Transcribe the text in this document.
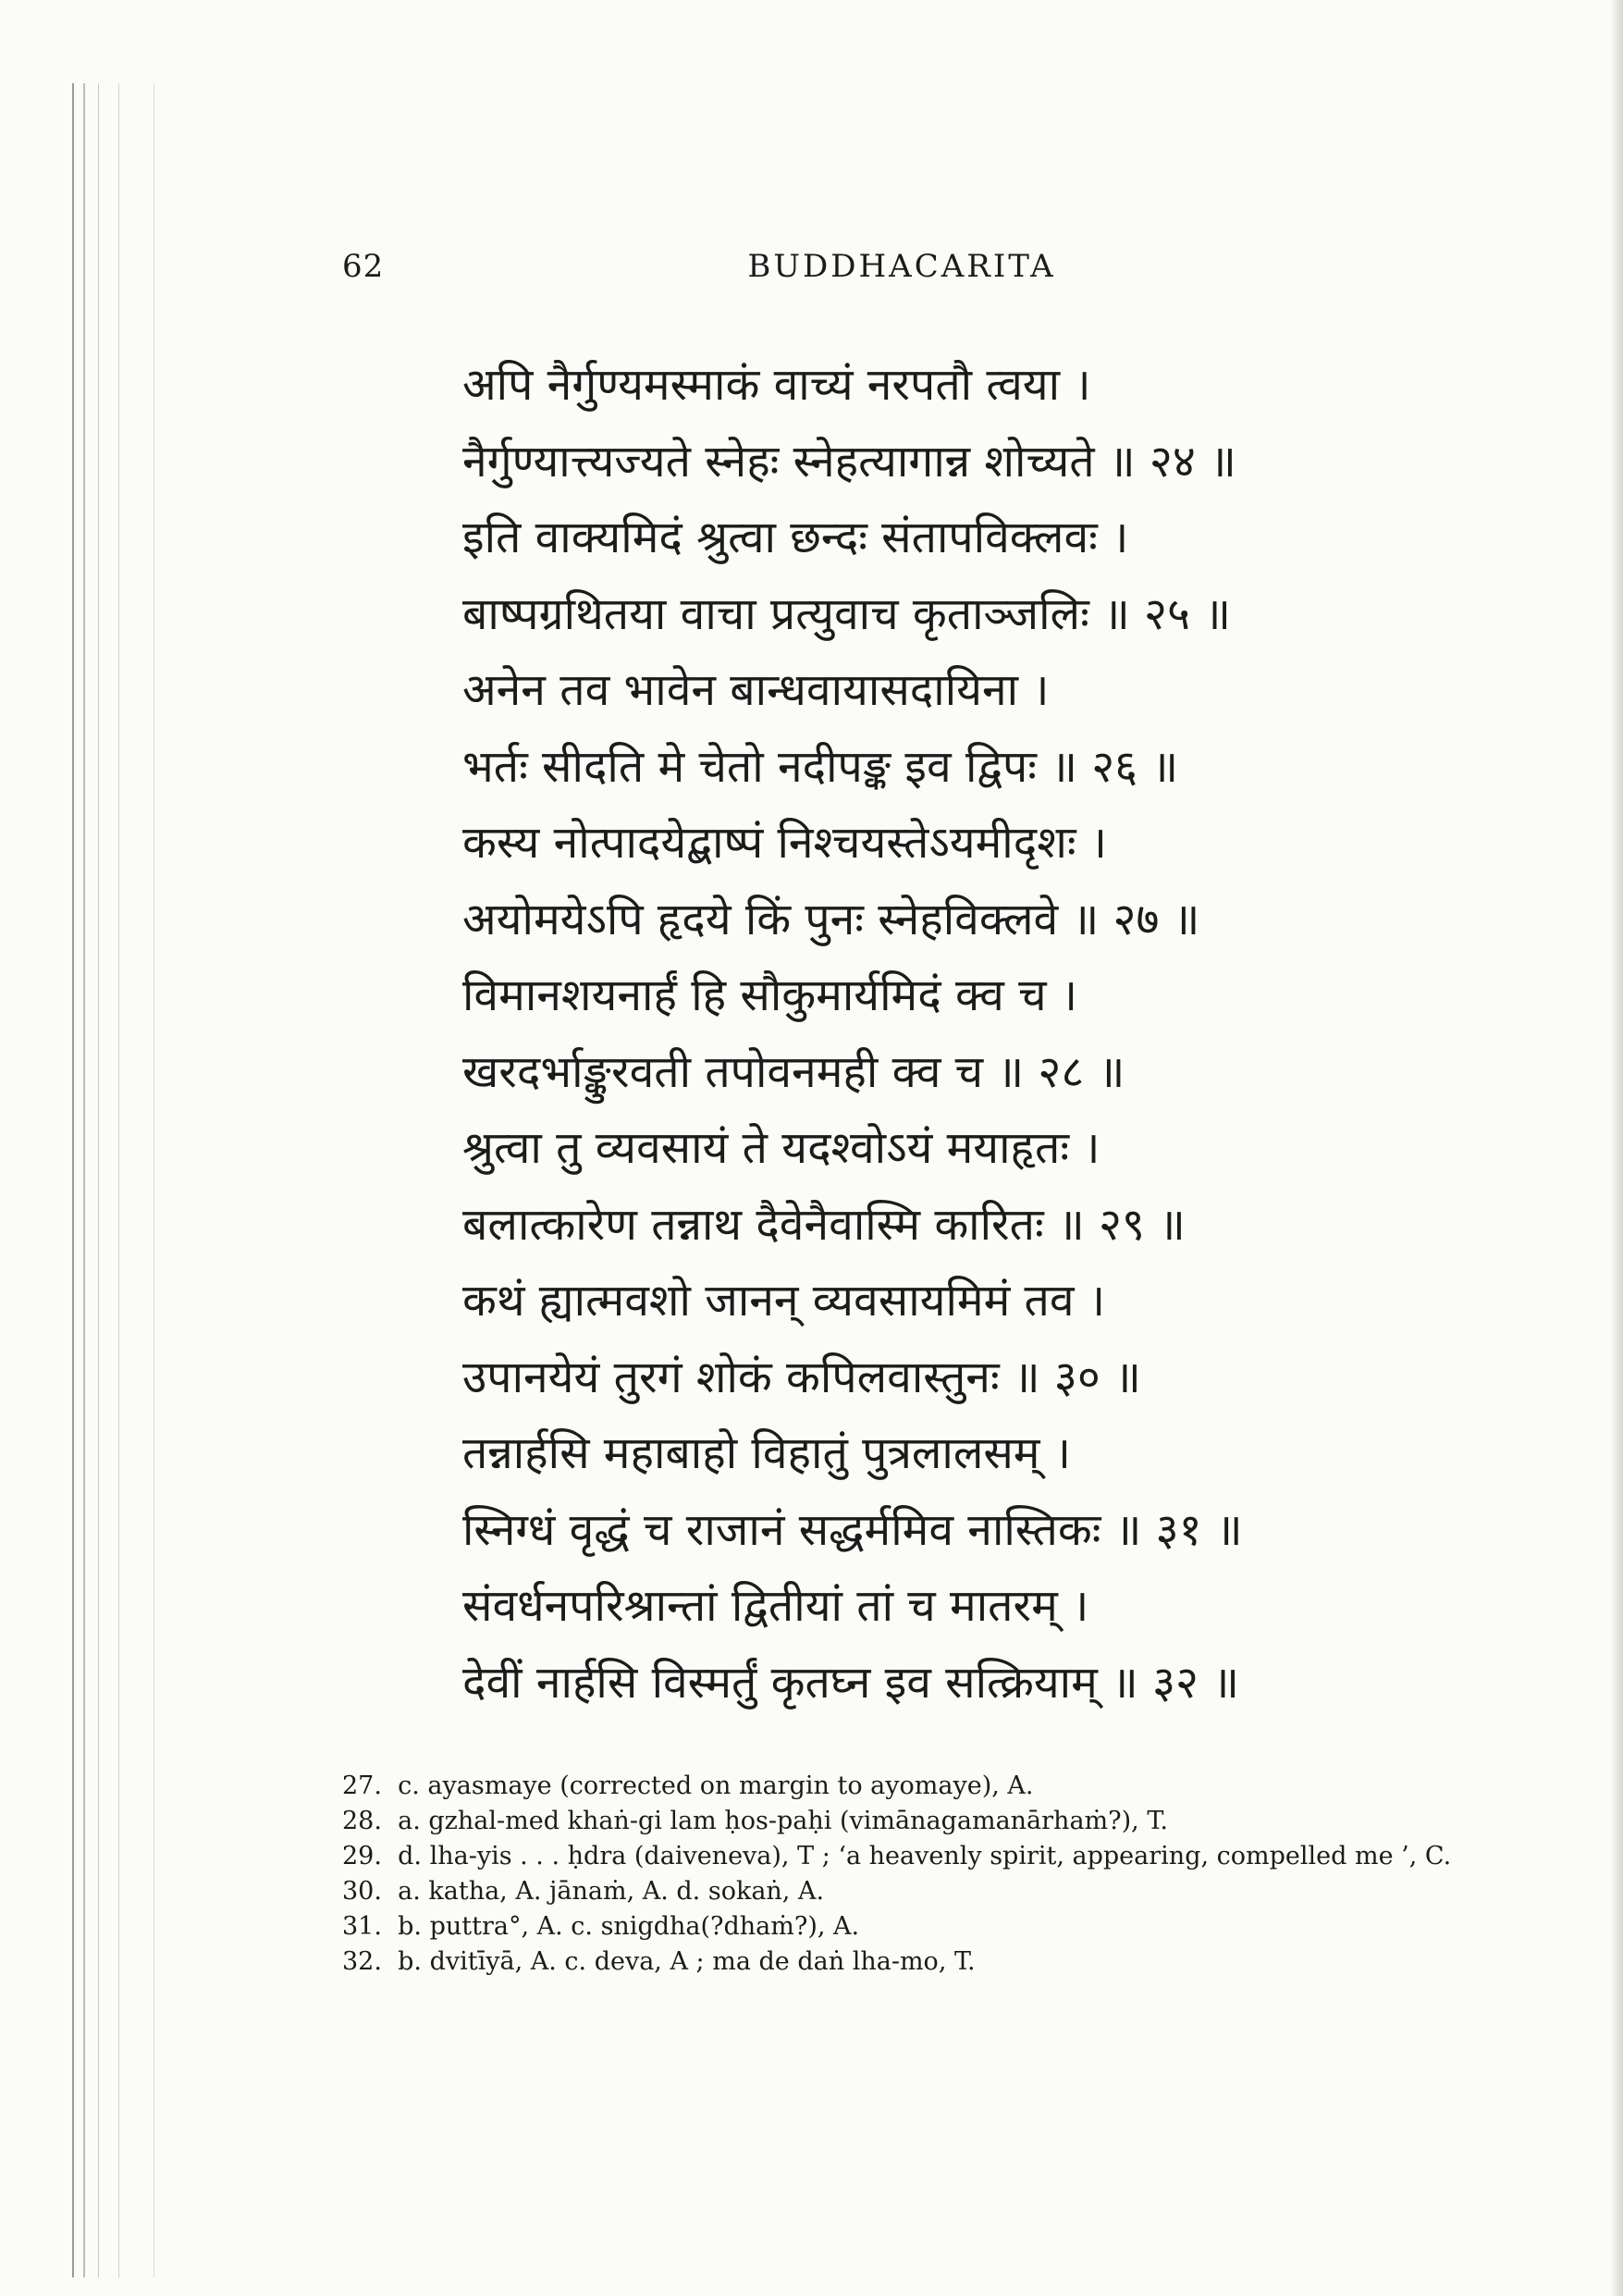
62	BUDDHACARITA
अपि नैर्गुण्यमस्माकं वाच्यं नरपतौ त्वया ।
नैर्गुण्यात्त्यज्यते स्नेहः स्नेहत्यागान्न शोच्यते ॥ २४ ॥
इति वाक्यमिदं श्रुत्वा छन्दः संतापविक्लवः ।
बाष्पग्रथितया वाचा प्रत्युवाच कृताञ्जलिः ॥ २५ ॥
अनेन तव भावेन बान्धवायासदायिना ।
भर्तः सीदति मे चेतो नदीपङ्क इव द्विपः ॥ २६ ॥
कस्य नोत्पादयेद्बाष्पं निश्चयस्तेऽयमीदृशः ।
अयोमयेऽपि हृदये किं पुनः स्नेहविक्लवे ॥ २७ ॥
विमानशयनार्हं हि सौकुमार्यमिदं क्व च ।
खरदर्भाङ्कुरवती तपोवनमही क्व च ॥ २८ ॥
श्रुत्वा तु व्यवसायं ते यदश्वोऽयं मयाहृतः ।
बलात्कारेण तन्नाथ दैवेनैवास्मि कारितः ॥ २९ ॥
कथं ह्यात्मवशो जानन् व्यवसायमिमं तव ।
उपानयेयं तुरगं शोकं कपिलवास्तुनः ॥ ३० ॥
तन्नार्हसि महाबाहो विहातुं पुत्रलालसम् ।
स्निग्धं वृद्धं च राजानं सद्धर्ममिव नास्तिकः ॥ ३१ ॥
संवर्धनपरिश्रान्तां द्वितीयां तां च मातरम् ।
देवीं नार्हसि विस्मर्तुं कृतघ्न इव सत्क्रियाम् ॥ ३२ ॥

27. c. ayasmaye (corrected on margin to ayomaye), A.

28. a. gzhal-med khaṅ-gi lam ḥos-paḥi (vimānagamanārhaṁ?), T.

29. d. lha-yis . . . ḥdra (daiveneva), T ; ‘a heavenly spirit, appearing, compelled me ’, C.

30. a. katha, A. jānaṁ, A. d. sokaṅ, A.

31. b. puttra°, A. c. snigdha(?dhaṁ?), A.

32. b. dvitīyā, A. c. deva, A ; ma de daṅ lha-mo, T.
